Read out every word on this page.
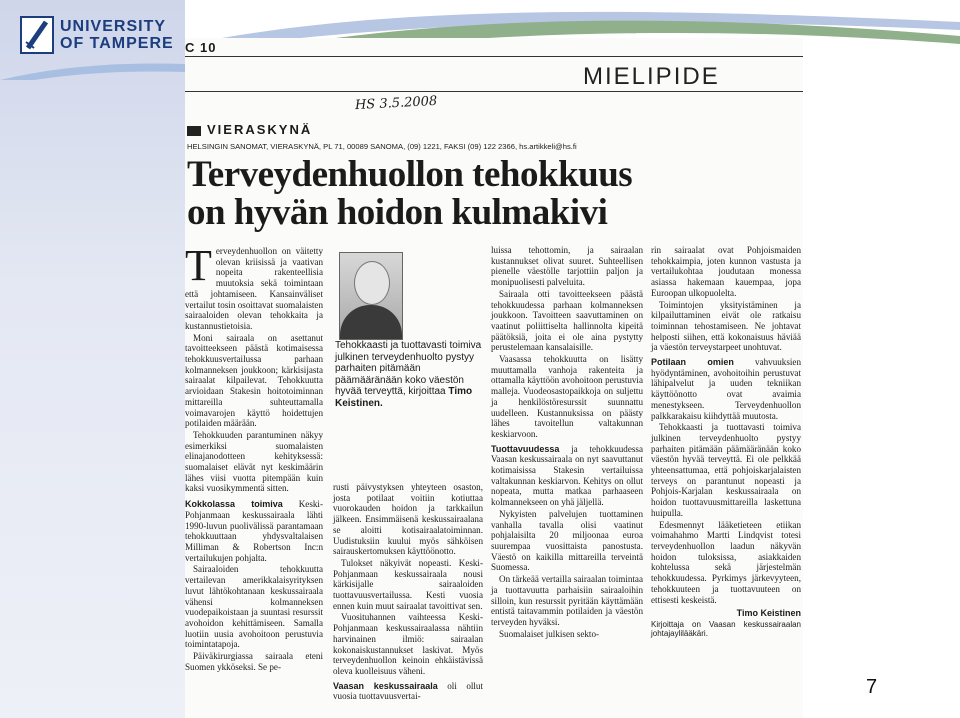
UNIVERSITY
OF TAMPERE C 10
MIELIPIDE
HS 3.5.2008
VIERASKYNÄ
HELSINGIN SANOMAT, VIERASKYNÄ, PL 71, 00089 SANOMA, (09) 1221, FAKSI (09) 122 2366, hs.artikkeli@hs.fi
Terveydenhuollon tehokkuus
on hyvän hoidon kulmakivi

Terveydenhuollon on väitetty olevan kriisissä ja vaativan nopeita rakenteellisia muutoksia sekä toimintaan että johtamiseen. Kansainväliset vertailut tosin osoittavat suomalaisten sairaaloiden olevan tehokkaita ja kustannustietoisia.

Moni sairaala on asettanut tavoitteekseen päästä kotimaisessa tehokkuusvertailussa parhaan kolmanneksen joukkoon; kärkisijasta sairaalat kilpailevat. Tehokkuutta arvioidaan Stakesin hoitotoiminnan mittareilla suhteuttamalla voimavarojen käyttö hoidettujen potilaiden määrään.

Tehokkuuden parantuminen näkyy esimerkiksi suomalaisten elinajanodotteen kehityksessä: suomalaiset elävät nyt keskimäärin lähes viisi vuotta pitempään kuin kaksi vuosikymmentä sitten.

Kokkolassa toimiva Keski-Pohjanmaan keskussairaala lähti 1990-luvun puolivälissä parantamaan tehokkuuttaan yhdysvaltalaisen Milliman & Robertson Inc:n vertailukujen pohjalta.

Sairaaloiden tehokkuutta vertailevan amerikkalaisyrityksen luvut lähtökohtanaan keskussairaala vähensi kolmanneksen vuodepaikoistaan ja suuntasi resurssit avohoidon kehittämiseen. Samalla luotiin uusia avohoitoon perustuvia toimintatapoja.

Päiväkirurgiassa sairaala eteni Suomen ykköseksi. Se pe-

Tehokkaasti ja tuottavasti toimiva julkinen terveydenhuolto pystyy parhaiten pitämään päämääränään koko väestön hyvää terveyttä, kirjoittaa Timo Keistinen.

rusti päivystyksen yhteyteen osaston, josta potilaat voitiin kotiuttaa vuorokauden hoidon ja tarkkailun jälkeen. Ensimmäisenä keskussairaalana se aloitti kotisairaalatoiminnan. Uudistuksiin kuului myös sähköisen sairauskertomuksen käyttöönotto.

Tulokset näkyivät nopeasti. Keski-Pohjanmaan keskussairaala nousi kärkisijalle sairaaloiden tuottavuusvertailussa. Kesti vuosia ennen kuin muut sairaalat tavoittivat sen.

Vuosituhannen vaihteessa Keski-Pohjanmaan keskussairaalassa nähtiin harvinainen ilmiö: sairaalan kokonaiskustannukset laskivat. Myös terveydenhuollon keinoin ehkäistävissä oleva kuolleisuus väheni.

Vaasan keskussairaala oli ollut vuosia tuottavuusvertai-

luissa tehottomin, ja sairaalan kustannukset olivat suuret. Suhteellisen pienelle väestölle tarjottiin paljon ja monipuolisesti palveluita.

Sairaala otti tavoitteekseen päästä tehokkuudessa parhaan kolmanneksen joukkoon. Tavoitteen saavuttaminen on vaatinut poliittiselta hallinnolta kipeitä päätöksiä, joita ei ole aina pystytty perustelemaan kansalaisille.

Vaasassa tehokkuutta on lisätty muuttamalla vanhoja rakenteita ja ottamalla käyttöön avohoitoon perustuvia malleja. Vuodeosastopaikkoja on suljettu ja henkilöstöresurssit suunnattu uudelleen. Kustannuksissa on päästy lähes tavoitellun valtakunnan keskiarvoon.

Tuottavuudessa ja tehokkuudessa Vaasan keskussairaala on nyt saavuttanut kotimaisissa Stakesin vertailuissa valtakunnan keskiarvon. Kehitys on ollut nopeata, mutta matkaa parhaaseen kolmannekseen on yhä jäljellä.

Nykyisten palvelujen tuottaminen vanhalla tavalla olisi vaatinut pohjalaisilta 20 miljoonaa euroa suurempaa vuosittaista panostusta. Väestö on kaikilla mittareilla terveintä Suomessa.

On tärkeää vertailla sairaalan toimintaa ja tuottavuutta parhaisiin sairaaloihin silloin, kun resurssit pyritään käyttämään entistä taitavammin potilaiden ja väestön terveyden hyväksi.

Suomalaiset julkisen sekto-

rin sairaalat ovat Pohjoismaiden tehokkaimpia, joten kunnon vastusta ja vertailukohtaa joudutaan monessa asiassa hakemaan kauempaa, jopa Euroopan ulkopuolelta.

Toimintojen yksityistäminen ja kilpailuttaminen eivät ole ratkaisu toiminnan tehostamiseen. Ne johtavat helposti siihen, että kokonaisuus häviää ja väestön terveystarpeet unohtuvat.

Potilaan omien vahvuuksien hyödyntäminen, avohoitoihin perustuvat lähipalvelut ja uuden tekniikan käyttöönotto ovat avaimia menestykseen. Terveydenhuollon palkkarakaisu kiihdyttää muutosta.

Tehokkaasti ja tuottavasti toimiva julkinen terveydenhuolto pystyy parhaiten pitämään päämääränään koko väestön hyvää terveyttä. Ei ole pelkkää yhteensattumaa, että pohjoiskarjalaisten terveys on parantunut nopeasti ja Pohjois-Karjalan keskussairaala on hoidon tuottavuusmittareilla laskettuna huipulla.

Edesmennyt lääketieteen etiikan voimahahmo Martti Lindqvist totesi terveydenhuollon laadun näkyvän hoidon tuloksissa, asiakkaiden kohtelussa sekä järjestelmän tehokkuudessa. Pyrkimys järkevyyteen, tehokkuuteen ja tuottavuuteen on ettisesti keskeistä.

Timo Keistinen

Kirjoittaja on Vaasan keskussairaalan johtajaylilääkäri.

7
